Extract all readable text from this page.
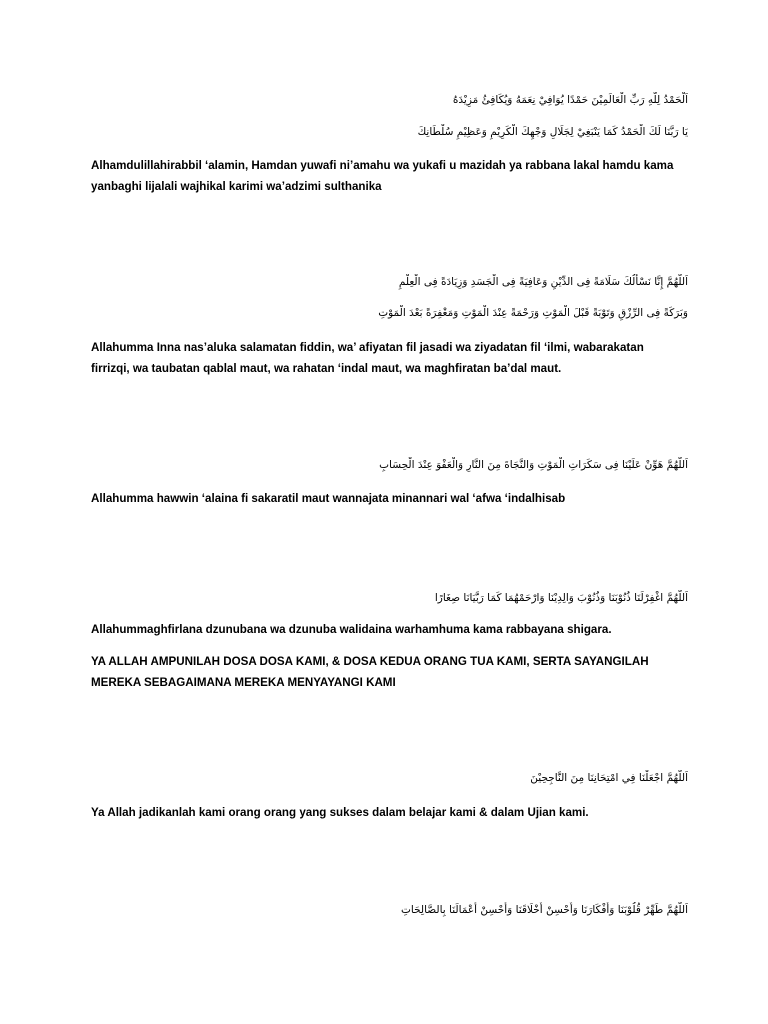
اَلْحَمْدُ لِلّهِ رَبِّ الْعَالَمِيْنَ حَمْدًا يُوَافِيْ نِعَمَهُ وَيُكَافِئُ مَزِيْدَهُ
يَا رَبَّنَا لَكَ الْحَمْدُ كَمَا يَنْبَغِيْ لِجَلَالِ وَجْهِكَ الْكَرِيْمِ وَعَظِيْمِ سُلْطَانِكَ
Alhamdulillahirabbil ‘alamin, Hamdan yuwafi ni’amahu wa yukafi u mazidah ya rabbana lakal hamdu kama yanbaghi lijalali wajhikal karimi wa’adzimi sulthanika
اَللّهُمَّ إِنَّا نَسْأَلُكَ سَلَامَةً فِى الدِّيْنِ وَعَافِيَةً فِى الْجَسَدِ وَزِيَادَةً فِى الْعِلْمِ
وَبَرَكَةً فِى الرِّزْقِ وَتَوْبَةً قَبْلَ الْمَوْتِ وَرَحْمَةً عِنْدَ الْمَوْتِ وَمَغْفِرَةً بَعْدَ الْمَوْتِ
Allahumma Inna nas’aluka salamatan fiddin, wa’ afiyatan fil jasadi wa ziyadatan fil ‘ilmi, wabarakatan firrizqi, wa taubatan qablal maut, wa rahatan ‘indal maut, wa maghfiratan ba’dal maut.
اَللّهُمَّ هَوِّنْ عَلَيْنَا فِى سَكَرَاتِ الْمَوْتِ وَالنَّجَاةَ مِنَ النَّارِ وَالْعَفْوَ عِنْدَ الْحِسَابِ
Allahumma hawwin ‘alaina fi sakaratil maut wannajata minannari wal ‘afwa ‘indalhisab
اَللّهُمَّ اغْفِرْلَنَا ذُنُوْبَنَا وَذُنُوْبَ وَالِدِيْنَا وَارْحَمْهُمَا كَمَا رَبَّيَانَا صِغَارًا
Allahummaghfirlana dzunubana wa dzunuba walidaina warhamhuma kama rabbayana shigara.
YA ALLAH AMPUNILAH DOSA DOSA KAMI, & DOSA KEDUA ORANG TUA KAMI, SERTA SAYANGILAH MEREKA SEBAGAIMANA MEREKA MENYAYANGI KAMI
اَللّهُمَّ اجْعَلْنَا فِي امْتِحَانِنَا مِنَ النَّاجِحِيْنَ
Ya Allah jadikanlah kami orang orang yang sukses dalam belajar kami & dalam Ujian kami.
اَللّهُمَّ طَهِّرْ قُلُوْبَنَا وَأَفْكَارَنَا وَأَحْسِنْ أَخْلَاقَنَا وَأَحْسِنْ أَعْمَالَنَا بِالصَّالِحَاتِ
